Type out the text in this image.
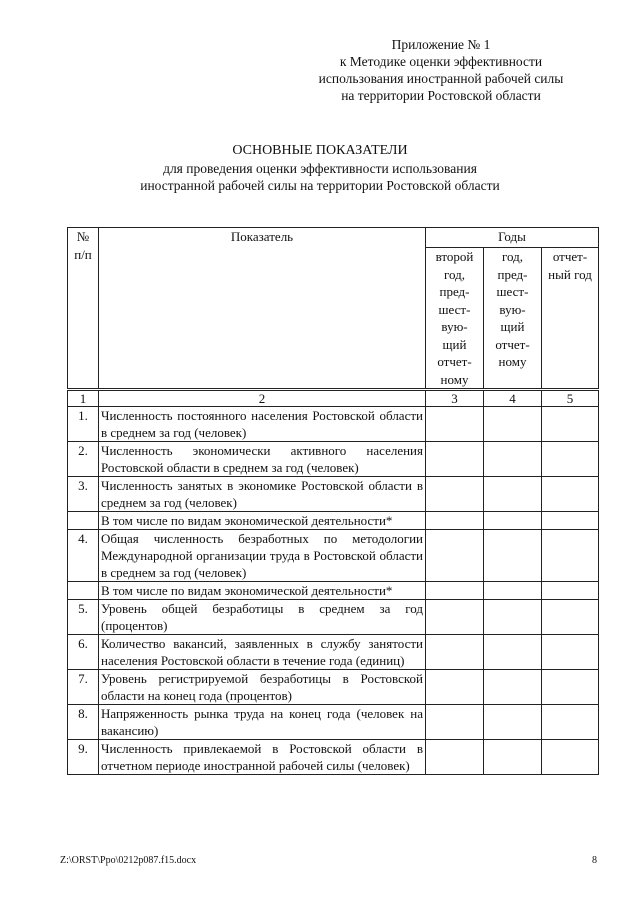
Приложение № 1
к Методике оценки эффективности
использования иностранной рабочей силы
на территории Ростовской области
ОСНОВНЫЕ ПОКАЗАТЕЛИ
для проведения оценки эффективности использования
иностранной рабочей силы на территории Ростовской области
№ п/п	Показатель	Годы		

		второй год, пред-шест-вую-щий отчет-ному	год, пред-шест-вую-щий отчет-ному	отчет-ный год

1	2	3	4	5
1.	Численность постоянного населения Ростовской области в среднем за год (человек)			
2.	Численность экономически активного населения Ростовской области в среднем за год (человек)			
3.	Численность занятых в экономике Ростовской области в среднем за год (человек)			
	В том числе по видам экономической деятельности*			
4.	Общая численность безработных по методологии Международной организации труда в Ростовской области в среднем за год (человек)			
	В том числе по видам экономической деятельности*			
5.	Уровень общей безработицы в среднем за год (процентов)			
6.	Количество вакансий, заявленных в службу занятости населения Ростовской области в течение года (единиц)			
7.	Уровень регистрируемой безработицы в Ростовской области на конец года (процентов)			
8.	Напряженность рынка труда на конец года (человек на вакансию)			
9.	Численность привлекаемой в Ростовской области в отчетном периоде иностранной рабочей силы (человек)			
Z:\ORST\Ppo\0212p087.f15.docx	8
